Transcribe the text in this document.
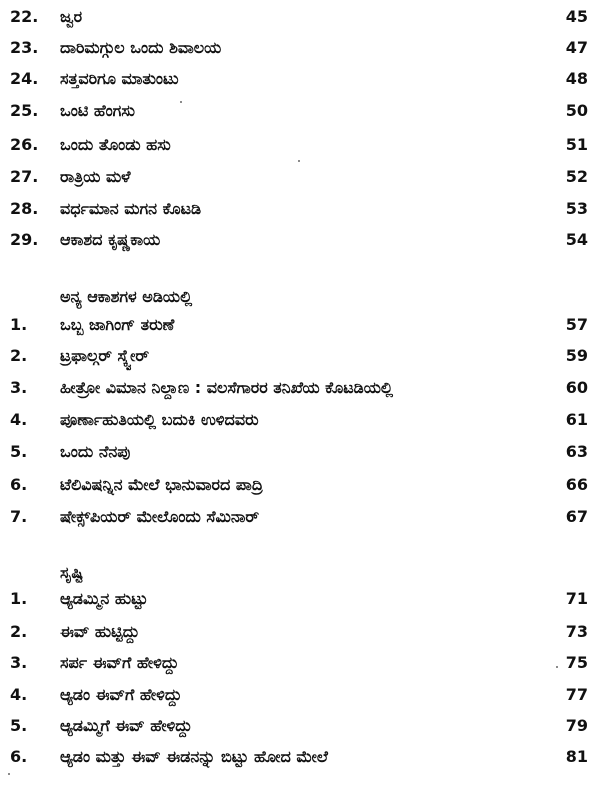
22. ಜ್ವರ	45
23. ದಾರಿಮಗ್ಗುಲ ಒಂದು ಶಿವಾಲಯ	47
24. ಸತ್ತವರಿಗೂ ಮಾತುಂಟು	48
25. ಒಂಟಿ ಹೆಂಗಸು	50
26. ಒಂದು ತೊಂಡು ಹಸು	51
27. ರಾತ್ರಿಯ ಮಳೆ	52
28. ವರ್ಧಮಾನ ಮಗನ ಕೊಟಡಿ	53
29. ಆಕಾಶದ ಕೃಷ್ಣಕಾಯ	54
ಅನ್ಯ ಆಕಾಶಗಳ ಅಡಿಯಲ್ಲಿ
1. ಒಬ್ಬ ಜಾಗಿಂಗ್ ತರುಣೆ	57
2. ಟ್ರಫಾಲ್ಗರ್ ಸ್ಕ್ವೇರ್	59
3. ಹೀತ್ರೋ ವಿಮಾನ ನಿಲ್ದಾಣ : ವಲಸೆಗಾರರ ತನಿಖೆಯ ಕೊಟಡಿಯಲ್ಲಿ	60
4. ಪೂರ್ಣಾಹುತಿಯಲ್ಲಿ ಬದುಕಿ ಉಳಿದವರು	61
5. ಒಂದು ನೆನಪು	63
6. ಟೆಲಿವಿಷನ್ನಿನ ಮೇಲೆ ಭಾನುವಾರದ ಪಾದ್ರಿ	66
7. ಷೇಕ್ಸ್‌ಪಿಯರ್ ಮೇಲೊಂದು ಸೆಮಿನಾರ್	67
ಸೃಷ್ಟಿ
1. ಆ್ಯಡಮ್ಮಿನ ಹುಟ್ಟು	71
2. ಈವ್ ಹುಟ್ಟಿದ್ದು	73
3. ಸರ್ಪ ಈವ್‌ಗೆ ಹೇಳಿದ್ದು	75
4. ಆ್ಯಡಂ ಈವ್‌ಗೆ ಹೇಳಿದ್ದು	77
5. ಆ್ಯಡಮ್ಮಿಗೆ ಈವ್ ಹೇಳಿದ್ದು	79
6. ಆ್ಯಡಂ ಮತ್ತು ಈವ್ ಈಡನನ್ನು ಬಿಟ್ಟು ಹೋದ ಮೇಲೆ	81
